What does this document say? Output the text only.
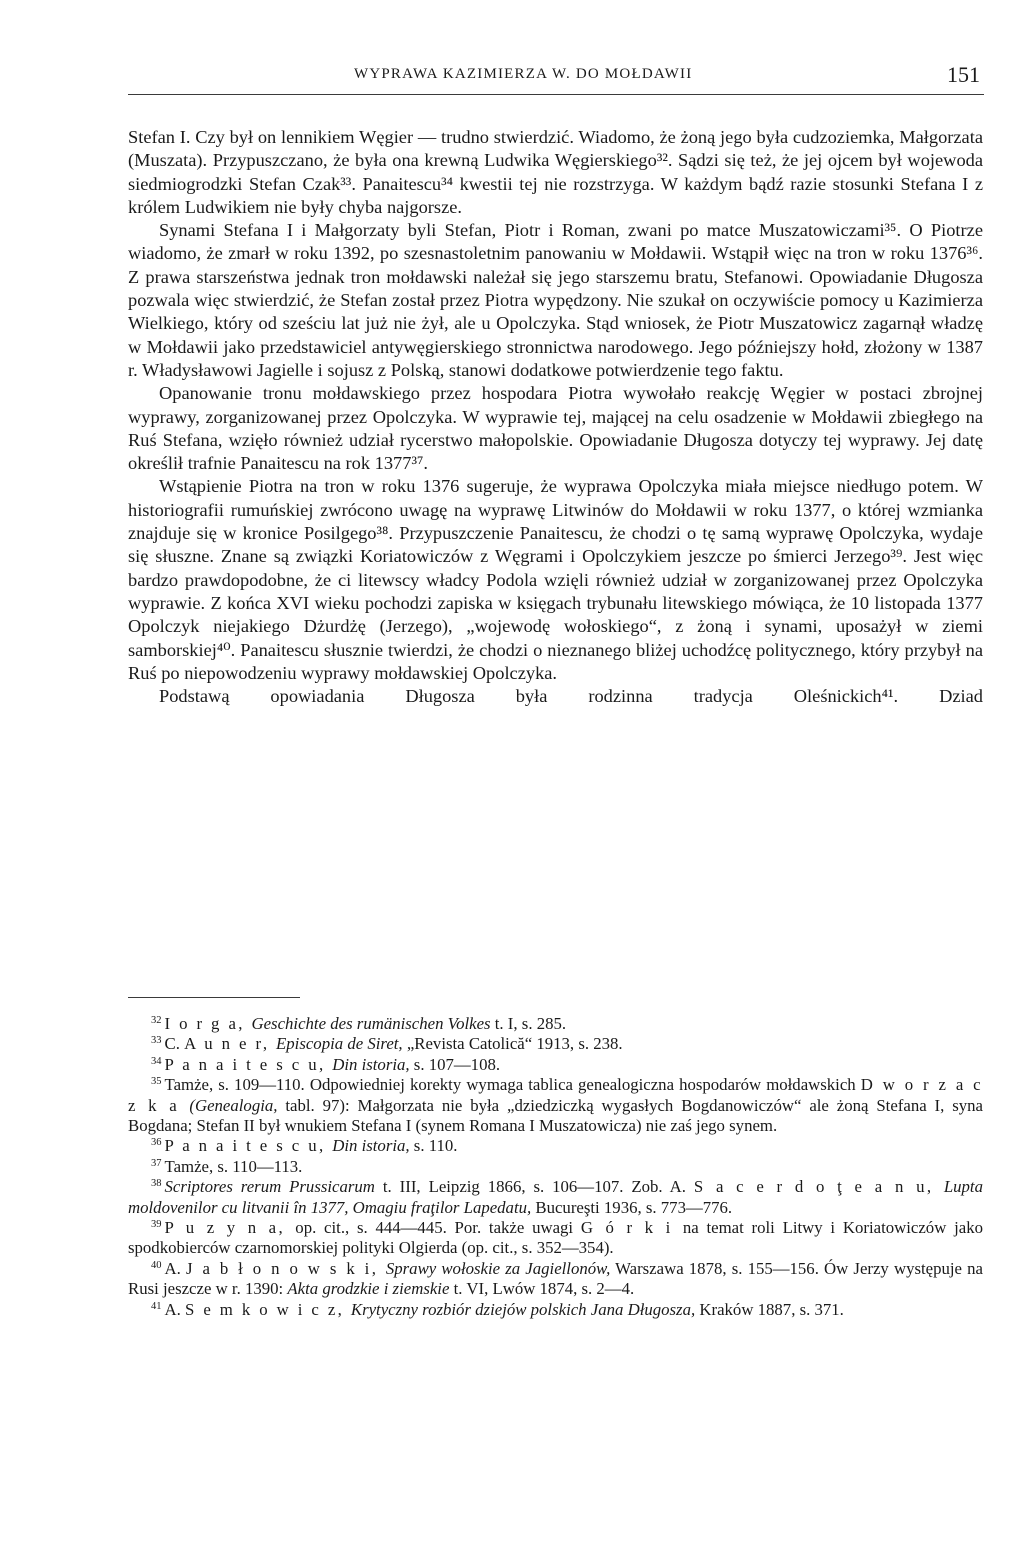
WYPRAWA KAZIMIERZA W. DO MOŁDAWII	151

Stefan I. Czy był on lennikiem Węgier — trudno stwierdzić. Wiadomo, że żoną jego była cudzoziemka, Małgorzata (Muszata). Przypuszczano, że była ona krewną Ludwika Węgierskiego³². Sądzi się też, że jej ojcem był wojewoda siedmiogrodzki Stefan Czak³³. Panaitescu³⁴ kwestii tej nie rozstrzyga. W każdym bądź razie stosunki Stefana I z królem Ludwikiem nie były chyba najgorsze.

Synami Stefana I i Małgorzaty byli Stefan, Piotr i Roman, zwani po matce Muszatowiczami³⁵. O Piotrze wiadomo, że zmarł w roku 1392, po szesnastoletnim panowaniu w Mołdawii. Wstąpił więc na tron w roku 1376³⁶. Z prawa starszeństwa jednak tron mołdawski należał się jego starszemu bratu, Stefanowi. Opowiadanie Długosza pozwala więc stwierdzić, że Stefan został przez Piotra wypędzony. Nie szukał on oczywiście pomocy u Kazimierza Wielkiego, który od sześciu lat już nie żył, ale u Opolczyka. Stąd wniosek, że Piotr Muszatowicz zagarnął władzę w Mołdawii jako przedstawiciel antywęgierskiego stronnictwa narodowego. Jego późniejszy hołd, złożony w 1387 r. Władysławowi Jagielle i sojusz z Polską, stanowi dodatkowe potwierdzenie tego faktu.

Opanowanie tronu mołdawskiego przez hospodara Piotra wywołało reakcję Węgier w postaci zbrojnej wyprawy, zorganizowanej przez Opolczyka. W wyprawie tej, mającej na celu osadzenie w Mołdawii zbiegłego na Ruś Stefana, wzięło również udział rycerstwo małopolskie. Opowiadanie Długosza dotyczy tej wyprawy. Jej datę określił trafnie Panaitescu na rok 1377³⁷.

Wstąpienie Piotra na tron w roku 1376 sugeruje, że wyprawa Opolczyka miała miejsce niedługo potem. W historiografii rumuńskiej zwrócono uwagę na wyprawę Litwinów do Mołdawii w roku 1377, o której wzmianka znajduje się w kronice Posilgego³⁸. Przypuszczenie Panaitescu, że chodzi o tę samą wyprawę Opolczyka, wydaje się słuszne. Znane są związki Koriatowiczów z Węgrami i Opolczykiem jeszcze po śmierci Jerzego³⁹. Jest więc bardzo prawdopodobne, że ci litewscy władcy Podola wzięli również udział w zorganizowanej przez Opolczyka wyprawie. Z końca XVI wieku pochodzi zapiska w księgach trybunału litewskiego mówiąca, że 10 listopada 1377 Opolczyk niejakiego Dżurdżę (Jerzego), „wojewodę wołoskiego“, z żoną i synami, uposażył w ziemi samborskiej⁴⁰. Panaitescu słusznie twierdzi, że chodzi o nieznanego bliżej uchodźcę politycznego, który przybył na Ruś po niepowodzeniu wyprawy mołdawskiej Opolczyka.

Podstawą opowiadania Długosza była rodzinna tradycja Oleśnickich⁴¹. Dziad

$^{32}$ I o r g a, Geschichte des rumänischen Volkes t. I, s. 285.

$^{33}$ C. A u n e r, Episcopia de Siret, „Revista Catolică“ 1913, s. 238.

$^{34}$ P a n a i t e s c u, Din istoria, s. 107—108.

$^{35}$ Tamże, s. 109—110. Odpowiedniej korekty wymaga tablica genealogiczna hospodarów mołdawskich D w o r z a c z k a (Genealogia, tabl. 97): Małgorzata nie była „dziedziczką wygasłych Bogdanowiczów“ ale żoną Stefana I, syna Bogdana; Stefan II był wnukiem Stefana I (synem Romana I Muszatowicza) nie zaś jego synem.

$^{36}$ P a n a i t e s c u, Din istoria, s. 110.

$^{37}$ Tamże, s. 110—113.

$^{38}$ Scriptores rerum Prussicarum t. III, Leipzig 1866, s. 106—107. Zob. A. S a c e r d o ţ e a n u, Lupta moldovenilor cu litvanii în 1377, Omagiu fraţilor Lapedatu, Bucureşti 1936, s. 773—776.

$^{39}$ P u z y n a, op. cit., s. 444—445. Por. także uwagi G ó r k i na temat roli Litwy i Koriatowiczów jako spodkobierców czarnomorskiej polityki Olgierda (op. cit., s. 352—354).

$^{40}$ A. J a b ł o n o w s k i, Sprawy wołoskie za Jagiellonów, Warszawa 1878, s. 155—156. Ów Jerzy występuje na Rusi jeszcze w r. 1390: Akta grodzkie i ziemskie t. VI, Lwów 1874, s. 2—4.

$^{41}$ A. S e m k o w i c z, Krytyczny rozbiór dziejów polskich Jana Długosza, Kraków 1887, s. 371.
